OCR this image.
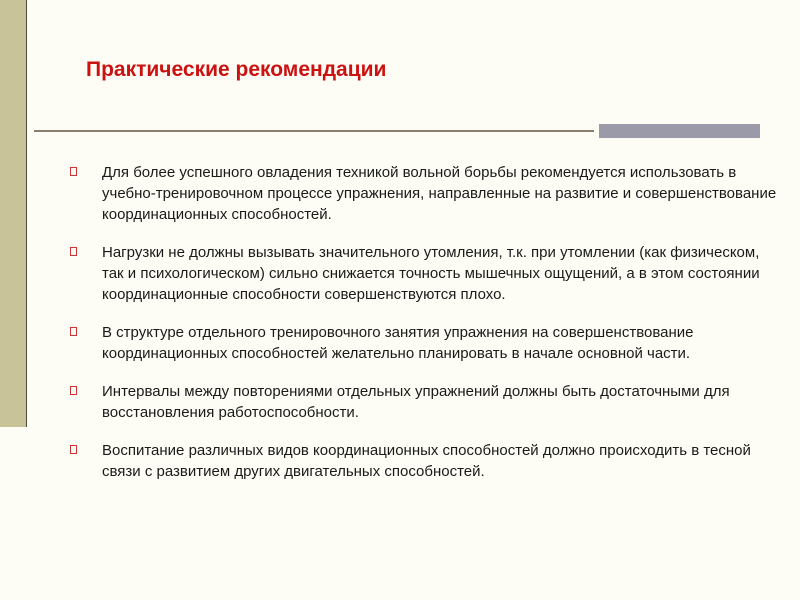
Практические рекомендации
Для более успешного овладения техникой вольной борьбы рекомендуется использовать в учебно-тренировочном процессе упражнения, направленные на развитие и совершенствование координационных способностей.
Нагрузки не должны вызывать значительного утомления, т.к. при утомлении (как физическом, так и психологическом) сильно снижается точность мышечных ощущений, а в этом состоянии координационные способности совершенствуются плохо.
В структуре отдельного тренировочного занятия упражнения на совершенствование координационных способностей желательно планировать в начале основной части.
Интервалы между повторениями отдельных упражнений должны быть достаточными для восстановления работоспособности.
Воспитание различных видов координационных способностей должно происходить в тесной связи с развитием других двигательных способностей.
